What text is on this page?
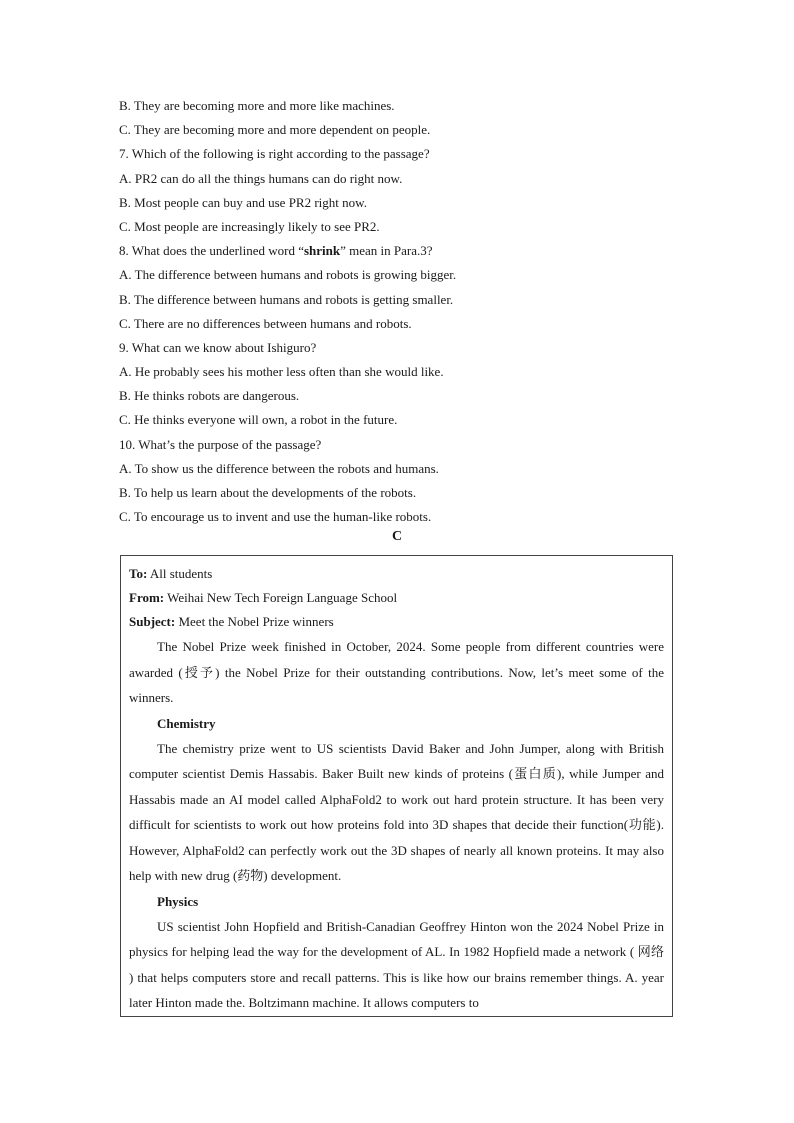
B. They are becoming more and more like machines.
C. They are becoming more and more dependent on people.
7. Which of the following is right according to the passage?
A. PR2 can do all the things humans can do right now.
B. Most people can buy and use PR2 right now.
C. Most people are increasingly likely to see PR2.
8. What does the underlined word “shrink” mean in Para.3?
A. The difference between humans and robots is growing bigger.
B. The difference between humans and robots is getting smaller.
C. There are no differences between humans and robots.
9. What can we know about Ishiguro?
A. He probably sees his mother less often than she would like.
B. He thinks robots are dangerous.
C. He thinks everyone will own, a robot in the future.
10. What’s the purpose of the passage?
A. To show us the difference between the robots and humans.
B. To help us learn about the developments of the robots.
C. To encourage us to invent and use the human-like robots.
C
To: All students
From: Weihai New Tech Foreign Language School
Subject: Meet the Nobel Prize winners

The Nobel Prize week finished in October, 2024. Some people from different countries were awarded (授予) the Nobel Prize for their outstanding contributions. Now, let’s meet some of the winners.

Chemistry

The chemistry prize went to US scientists David Baker and John Jumper, along with British computer scientist Demis Hassabis. Baker Built new kinds of proteins (蛋白质), while Jumper and Hassabis made an AI model called AlphaFold2 to work out hard protein structure. It has been very difficult for scientists to work out how proteins fold into 3D shapes that decide their function(功能). However, AlphaFold2 can perfectly work out the 3D shapes of nearly all known proteins. It may also help with new drug (药物) development.

Physics

US scientist John Hopfield and British-Canadian Geoffrey Hinton won the 2024 Nobel Prize in physics for helping lead the way for the development of AL. In 1982 Hopfield made a network ( 网络 ) that helps computers store and recall patterns. This is like how our brains remember things. A. year later Hinton made the. Boltzimann machine. It allows computers to
